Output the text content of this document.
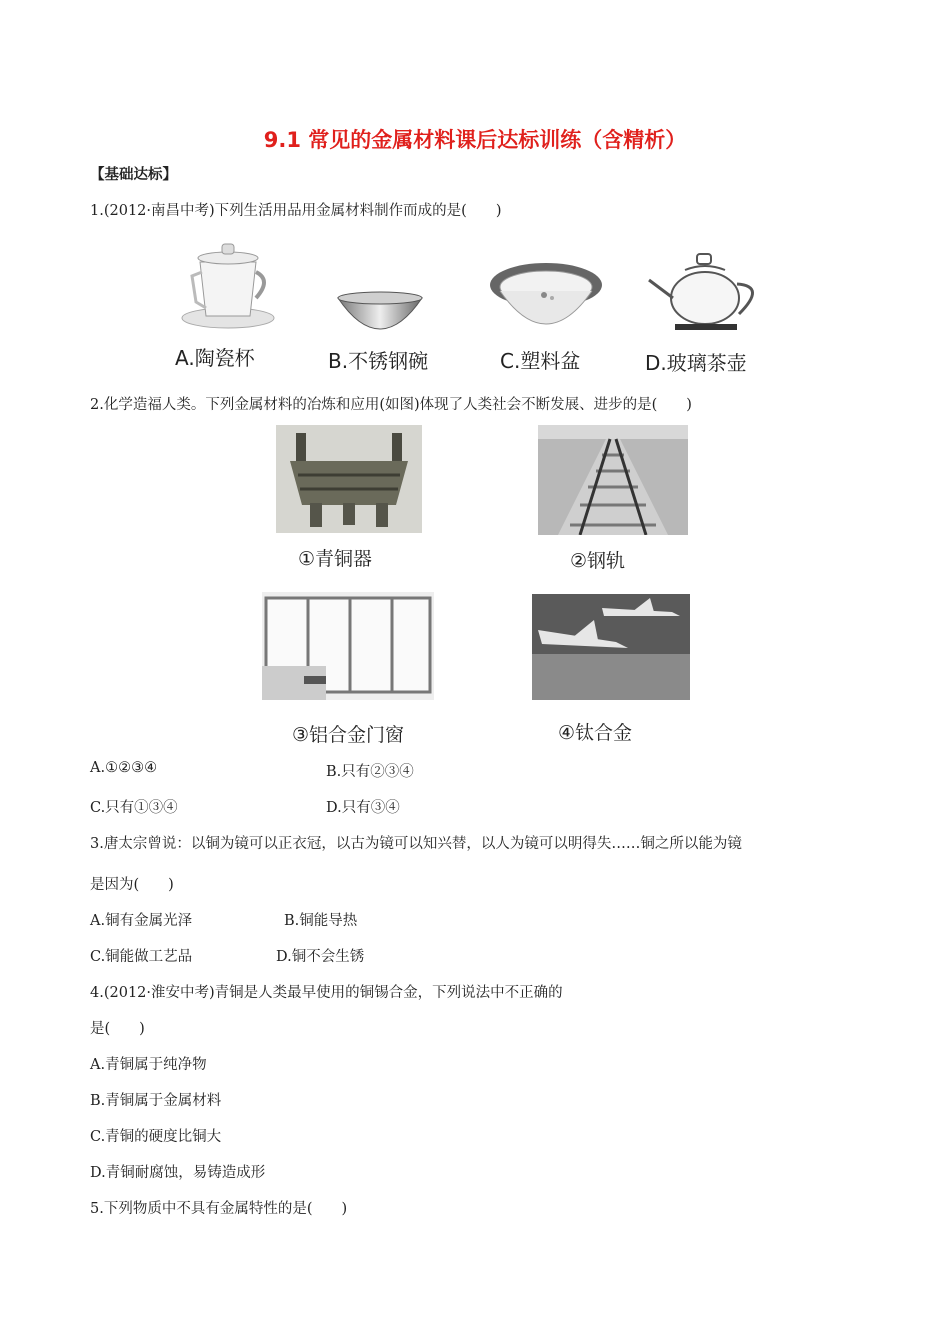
9.1 常见的金属材料课后达标训练（含精析）
【基础达标】
1.(2012·南昌中考)下列生活用品用金属材料制作而成的是(　　)
A.陶瓷杯	B.不锈钢碗	C.塑料盆	D.玻璃茶壶
2.化学造福人类。下列金属材料的冶炼和应用(如图)体现了人类社会不断发展、进步的是(　　)
①青铜器	②钢轨
③铝合金门窗	④钛合金
A.①②③④	B.只有②③④
C.只有①③④	D.只有③④
3.唐太宗曾说：以铜为镜可以正衣冠，以古为镜可以知兴替，以人为镜可以明得失……铜之所以能为镜
是因为(　　)
A.铜有金属光泽	B.铜能导热
C.铜能做工艺品	D.铜不会生锈
4.(2012·淮安中考)青铜是人类最早使用的铜锡合金，下列说法中不正确的
是(　　)
A.青铜属于纯净物
B.青铜属于金属材料
C.青铜的硬度比铜大
D.青铜耐腐蚀，易铸造成形
5.下列物质中不具有金属特性的是(　　)
